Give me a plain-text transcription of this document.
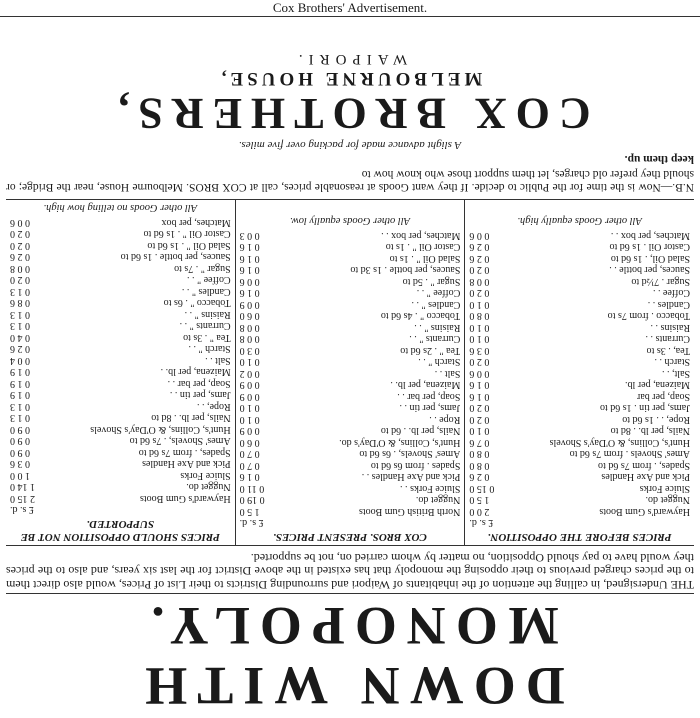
Cox Brothers' Advertisement.
DOWN WITH MONOPOLY.

THE Undersigned, in calling the attention of the inhabitants of Waipori and surrounding Districts to their List of Prices, would also direct them to the prices charged previous to their opposing the monopoly that has existed in the above District for the last six years, and also to the prices they would have to pay should Opposition, no matter by whom carried on, not be supported.

PRICES BEFORE THE OPPOSITION.
£ s. d.
Hayward's Gum Boots
2 0 0
Nugget do.
1 5 0
Sluice Forks
0 15 0
Pick and Axe Handles
0 2 6
Spades, . from 7s 6d to
0 8 0
Ames' Shovels . from 7s 6d to
0 8 0
Hunt's, Collins, & O'Day's Shovels
0 7 6
Nails, per lb. . 8d to
0 1 0
Rope, . . 1s 6d to
0 2 0
Jams, per tin . 1s 6d to
0 2 0
Soap, per bar
0 1 6
Maizena, per lb.
0 1 6
Salt, . .
0 0 6
Starch . .
0 2 0
Tea, . 3s to
0 3 6
Currants . .
0 1 0
Raisins . .
0 1 0
Tobacco . from 7s to
0 8 0
Candles . .
0 1 0
Coffee . .
0 2 0
Sugar . 7½d to
0 0 8
Sauces, per bottle . .
0 2 0
Salad Oil, . 1s 6d to
0 2 6
Castor Oil . 1s 6d to
0 2 6
Matches, per box . .
0 0 6
All other Goods equally high.
COX BROS. PRESENT PRICES.
£ s. d.
North British Gum Boots
1 5 0
Nugget do.
0 19 0
Sluice Forks . .
0 11 0
Pick and Axe Handles . .
0 1 6
Spades . from 6s 6d to
0 7 0
Ames' Shovels, . 6s 6d to
0 7 0
Hunt's, Collins, & O'Day's do.
0 6 0
Nails, per lb. . 6d to
0 0 9
Rope . .
0 1 0
Jams, per tin . .
0 1 0
Soap, per bar . .
0 0 9
Maizena, per lb. .
0 0 9
Salt . .
0 0 2
Starch " . .
0 1 0
Tea " . 2s 6d to
0 3 0
Currants " . .
0 0 8
Raisins " . .
0 0 8
Tobacco " . 4s 6d to
0 6 0
Candles " . .
0 0 9
Coffee " . .
0 1 6
Sugar " . 5d to
0 0 6
Sauces, per bottle . 1s 3d to
0 1 6
Salad Oil " . 1s to
0 1 6
Castor Oil " . 1s to
0 1 6
Matches, per box . .
0 0 3
All other Goods equally low.
PRICES SHOULD OPPOSITION NOT BE SUPPORTED.
£ s. d.
Hayward's Gum Boots
2 15 0
Nugget do.
1 14 0
Sluice Forks
1 0 0
Pick and Axe Handles
0 3 6
Spades, . from 7s 6d to
0 9 0
Ames' Shovels, . 7s 6d to
0 9 0
Hunt's, Collins, & O'Day's Shovels
0 9 0
Nails, per lb. . 8d to
0 1 3
Rope, . .
0 1 3
Jams, per tin . .
0 1 9
Soap, per bar . .
0 1 9
Maizena, per lb. .
0 1 9
Salt . .
0 0 4
Starch " . .
0 2 6
Tea " . 3s to
0 4 0
Currants " . .
0 1 3
Raisins " . .
0 1 3
Tobacco " . 6s to
0 8 6
Candles " . .
0 1 3
Coffee " . .
0 2 0
Sugar " . 7s to
0 0 8
Sauces, per bottle . 1s 6d to
0 2 6
Salad Oil " . 1s 6d to
0 2 0
Castor Oil " . 1s 6d to
0 2 0
Matches, per box
0 0 6
All other Goods no telling how high.

N.B.—Now is the time for the Public to decide. If they want Goods at reasonable prices, call at COX BROS. Melbourne House, near the Bridge; or should they prefer old charges, let them support those who know how to

keep them up.
A slight advance made for packing over five miles.
COX BROTHERS,
MELBOURNE HOUSE,
WAIPORI.
